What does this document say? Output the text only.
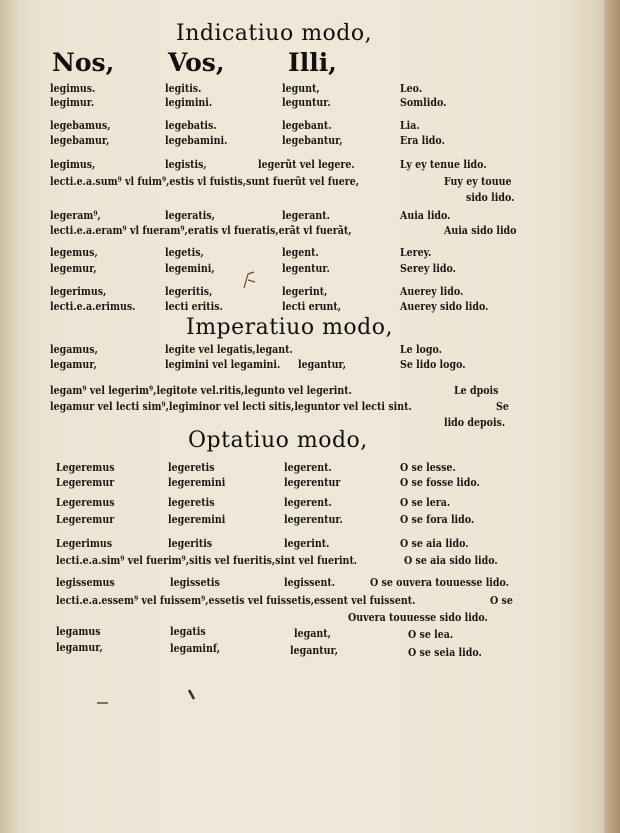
Indicatiuo modo,
Nos, Vos,	Illi,
legimus.	legitis.	legunt,	Leo.
legimur.	legimini.	leguntur.	Somlido.
legebamus,	legebatis.	legebant.	Lia.
legebamur,	legebamini.	legebantur,	Era lido.
legimus,	legistis,	legerũt vel legere.	Ly ey tenue lido.
lecti.e.a.sum⁹ vl fuim⁹,estis vl fuistis,sunt fuerũt vel fuere,	Fuy ey touue
sido lido.
legeram⁹,	legeratis,	legerant.	Auia lido.
lecti.e.a.eram⁹ vl fueram⁹,eratis vl fueratis,erãt vl fuerãt,	Auia sido lido
legemus,	legetis,	legent.	Lerey.
legemur,	legemini,	legentur.	Serey lido.
legerimus,	legeritis,	legerint,	Auerey lido.
lecti.e.a.erimus.	lecti eritis.	lecti erunt,	Auerey sido lido.
legamus,	legite vel legatis,legant.	Le logo.
legamur,	legimini vel legamini. legantur,	Se lido logo.
legam⁹ vel legerim⁹,legitote vel.ritis,legunto vel legerint.	Le dpois
legamur vel lecti sim⁹,legiminor vel lecti sitis,leguntor vel lecti sint.	Se
lido depois.
Legeremus	legeretis	legerent.	O se lesse.
Legeremur	legeremini	legerentur	O se fosse lido.
Legeremus	legeretis	legerent.	O se lera.
Legeremur	legeremini	legerentur.	O se fora lido.
Legerimus	legeritis	legerint.	O se aia lido.
lecti.e.a.sim⁹ vel fuerim⁹,sitis vel fueritis,sint vel fuerint.	O se aia sido lido.
legissemus	legissetis	legissent.	O se ouvera touuesse lido.
lecti.e.a.essem⁹ vel fuissem⁹,essetis vel fuissetis,essent vel fuissent.	O se
Ouvera touuesse sido lido.
legamus	legatis	legant,	O se lea.
legamur,	legaminf,	legantur,	O se seia lido.
Imperatiuo modo,
Optatiuo modo,
